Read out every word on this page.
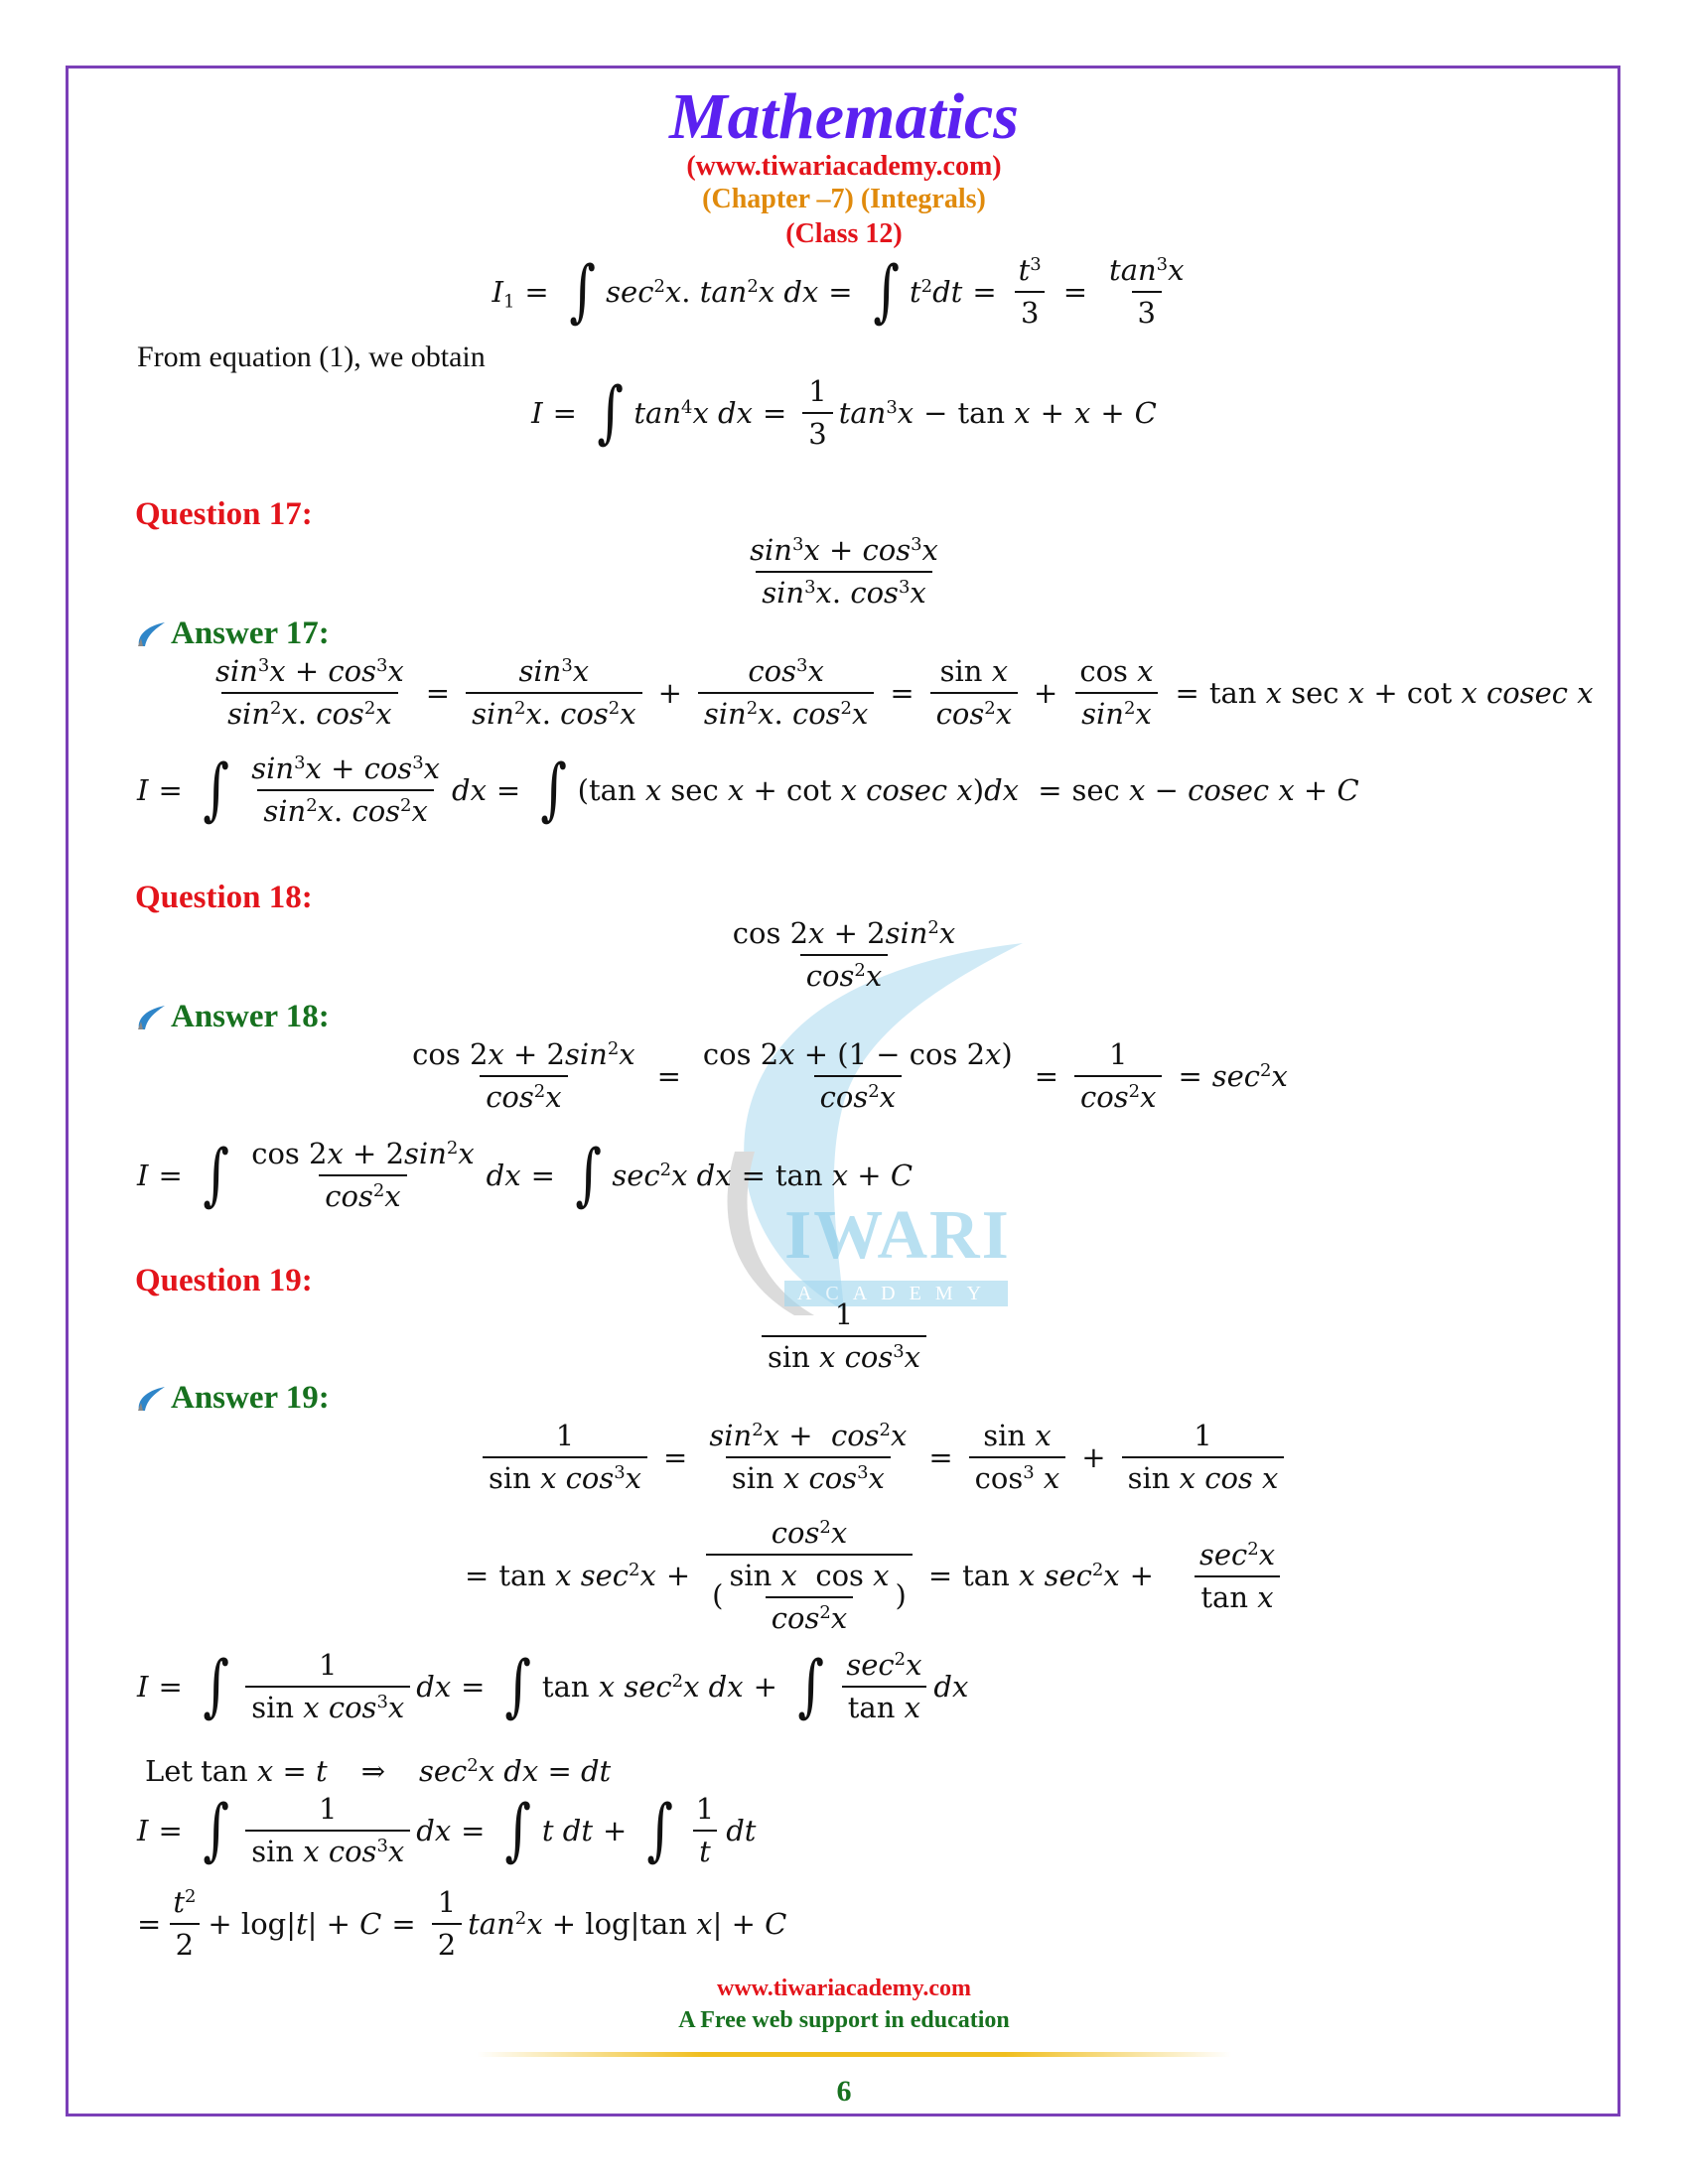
Mathematics
(www.tiwariacademy.com)
(Chapter –7) (Integrals)
(Class 12)
IWARI
ACADEMY
$I_1$ = ∫ $\sec^2x$. $\tan^2x$ dx = ∫ $t^2dt = \frac{t^3}{3} = \frac{\tan^3x}{3}$
From equation (1), we obtain
I = ∫ $\tan^4x$ dx = $\frac{1}{3} \tan^3x - \tan x + x + C$
Question 17:
$\frac{\sin^3x + \cos^3x}{\sin^3x. \cos^3x}$
Answer 17:
$\frac{\sin^3x + \cos^3x}{\sin^2x. \cos^2x} = \frac{\sin^3x}{\sin^2x. \cos^2x} + \frac{\cos^3x}{\sin^2x. \cos^2x} = \frac{\text{sin x}}{\cos^2x} + \frac{\text{cos x}}{\sin^2x} = \tan x$ sec x + cot x cosec x
I = ∫ $\frac{\sin^3x + \cos^3x}{\sin^2x. \cos^2x}$ dx = ∫ (tan x sec x + cot x cosec x)dx = sec x − cosec x + C
Question 18:
$\frac{\cos 2x + 2\sin^2x}{\cos^2x}$
Answer 18:
$\frac{\cos 2x + 2\sin^2x}{\cos^2x} = \frac{\cos 2x + (1 - \cos 2x)}{\cos^2x} = \frac{1}{\cos^2x} = \sec^2x$
I = ∫ $\frac{\cos 2x + 2\sin^2x}{\cos^2x}$ dx = ∫ $\sec^2x$ dx = tan x + C
Question 19:
$\frac{1}{\sin x \cos^3x}$
Answer 19:
$\frac{1}{\sin x \cos^3x} = \frac{\sin^2x + \cos^2x}{\sin x \cos^3x} = \frac{\text{sin x}}{\cos^3 x} + \frac{1}{\text{sin x cos x}}$
= tan x $\sec^2x + \frac{\cos^2x}{( \frac{\text{sin x  cos x}}{\cos^2x} )} = \tan x$ $\sec^2x + \frac{\sec^2x}{\text{tan x}}$
I = ∫ $\frac{1}{\sin x \cos^3x}$ dx = ∫ tan x $\sec^2x$ dx + ∫ $\frac{\sec^2x}{\text{tan x}}$ dx
Let tan x = t ⇒ $\sec^2x$ dx = dt
I = ∫ $\frac{1}{\sin x \cos^3x}$ dx = ∫ t dt + ∫ $\frac{1}{t}$ dt
= $\frac{t^2}{2} + \log|t| + C = \frac{1}{2} \tan^2x + \log|\tan$ x| + C
www.tiwariacademy.com
A Free web support in education
6
